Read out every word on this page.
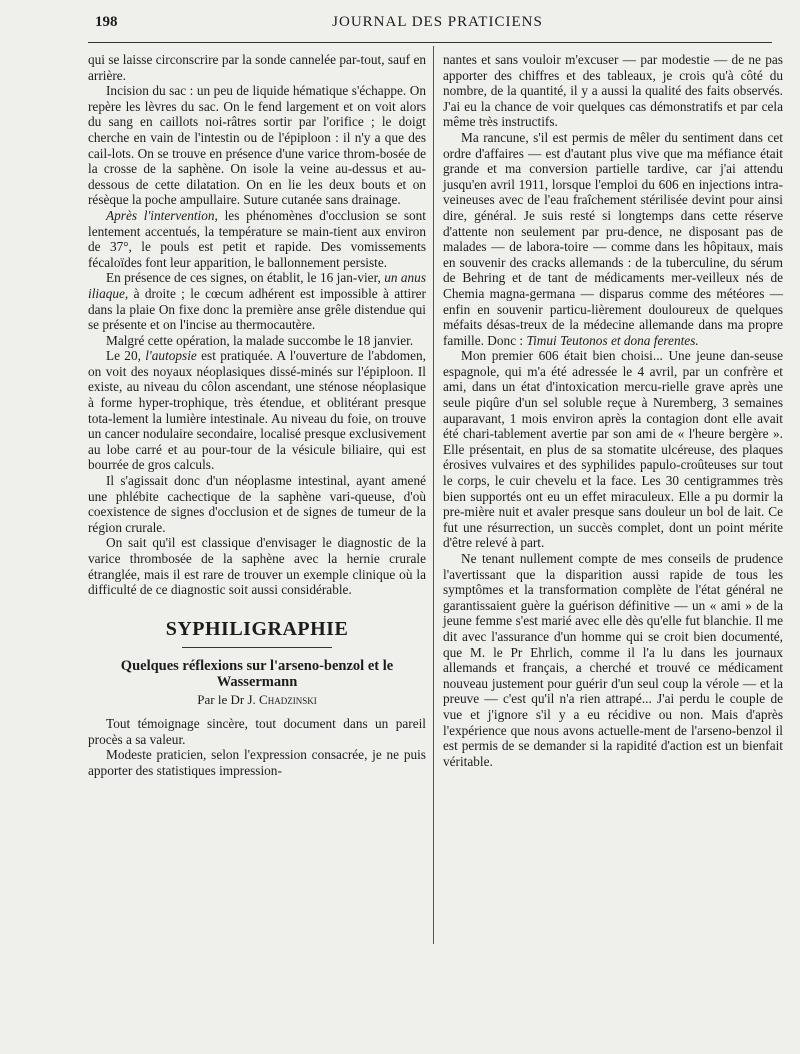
198	JOURNAL DES PRATICIENS

qui se laisse circonscrire par la sonde cannelée par-tout, sauf en arrière.

Incision du sac : un peu de liquide hématique s'échappe. On repère les lèvres du sac. On le fend largement et on voit alors du sang en caillots noi-râtres sortir par l'orifice ; le doigt cherche en vain de l'intestin ou de l'épiploon : il n'y a que des cail-lots. On se trouve en présence d'une varice throm-bosée de la crosse de la saphène. On isole la veine au-dessus et au-dessous de cette dilatation. On en lie les deux bouts et on résèque la poche ampullaire. Suture cutanée sans drainage.

Après l'intervention, les phénomènes d'occlusion se sont lentement accentués, la température se main-tient aux environ de 37°, le pouls est petit et rapide. Des vomissements fécaloïdes font leur apparition, le ballonnement persiste.

En présence de ces signes, on établit, le 16 jan-vier, un anus iliaque, à droite ; le cœcum adhérent est impossible à attirer dans la plaie On fixe donc la première anse grêle distendue qui se présente et on l'incise au thermocautère.

Malgré cette opération, la malade succombe le 18 janvier.

Le 20, l'autopsie est pratiquée. A l'ouverture de l'abdomen, on voit des noyaux néoplasiques dissé-minés sur l'épiploon. Il existe, au niveau du côlon ascendant, une sténose néoplasique à forme hyper-trophique, très étendue, et oblitérant presque tota-lement la lumière intestinale. Au niveau du foie, on trouve un cancer nodulaire secondaire, localisé presque exclusivement au lobe carré et au pour-tour de la vésicule biliaire, qui est bourrée de gros calculs.

Il s'agissait donc d'un néoplasme intestinal, ayant amené une phlébite cachectique de la saphène vari-queuse, d'où coexistence de signes d'occlusion et de signes de tumeur de la région crurale.

On sait qu'il est classique d'envisager le diagnostic de la varice thrombosée de la saphène avec la hernie crurale étranglée, mais il est rare de trouver un exemple clinique où la difficulté de ce diagnostic soit aussi considérable.

SYPHILIGRAPHIE
Quelques réflexions sur l'arseno-benzol et le Wassermann
Par le Dr J. Chadzinski

Tout témoignage sincère, tout document dans un pareil procès a sa valeur.

Modeste praticien, selon l'expression consacrée, je ne puis apporter des statistiques impression-

nantes et sans vouloir m'excuser — par modestie — de ne pas apporter des chiffres et des tableaux, je crois qu'à côté du nombre, de la quantité, il y a aussi la qualité des faits observés. J'ai eu la chance de voir quelques cas démonstratifs et par cela même très instructifs.

Ma rancune, s'il est permis de mêler du sentiment dans cet ordre d'affaires — est d'autant plus vive que ma méfiance était grande et ma conversion partielle tardive, car j'ai attendu jusqu'en avril 1911, lorsque l'emploi du 606 en injections intra-veineuses avec de l'eau fraîchement stérilisée devint pour ainsi dire, général. Je suis resté si longtemps dans cette réserve d'attente non seulement par pru-dence, ne disposant pas de malades — de labora-toire — comme dans les hôpitaux, mais en souvenir des cracks allemands : de la tuberculine, du sérum de Behring et de tant de médicaments mer-veilleux nés de Chemia magna-germana — disparus comme des météores — enfin en souvenir particu-lièrement douloureux de quelques méfaits désas-treux de la médecine allemande dans ma propre famille. Donc : Timui Teutonos et dona ferentes.

Mon premier 606 était bien choisi... Une jeune dan-seuse espagnole, qui m'a été adressée le 4 avril, par un confrère et ami, dans un état d'intoxication mercu-rielle grave après une seule piqûre d'un sel soluble reçue à Nuremberg, 3 semaines auparavant, 1 mois environ après la contagion dont elle avait été chari-tablement avertie par son ami de « l'heure bergère ». Elle présentait, en plus de sa stomatite ulcéreuse, des plaques érosives vulvaires et des syphilides papulo-croûteuses sur tout le corps, le cuir chevelu et la face. Les 30 centigrammes très bien supportés ont eu un effet miraculeux. Elle a pu dormir la pre-mière nuit et avaler presque sans douleur un bol de lait. Ce fut une résurrection, un succès complet, dont un point mérite d'être relevé à part.

Ne tenant nullement compte de mes conseils de prudence l'avertissant que la disparition aussi rapide de tous les symptômes et la transformation complète de l'état général ne garantissaient guère la guérison définitive — un « ami » de la jeune femme s'est marié avec elle dès qu'elle fut blanchie. Il me dit avec l'assurance d'un homme qui se croit bien documenté, que M. le Pr Ehrlich, comme il l'a lu dans les journaux allemands et français, a cherché et trouvé ce médicament nouveau justement pour guérir d'un seul coup la vérole — et la preuve — c'est qu'il n'a rien attrapé... J'ai perdu le couple de vue et j'ignore s'il y a eu récidive ou non. Mais d'après l'expérience que nous avons actuelle-ment de l'arseno-benzol il est permis de se demander si la rapidité d'action est un bienfait véritable.
